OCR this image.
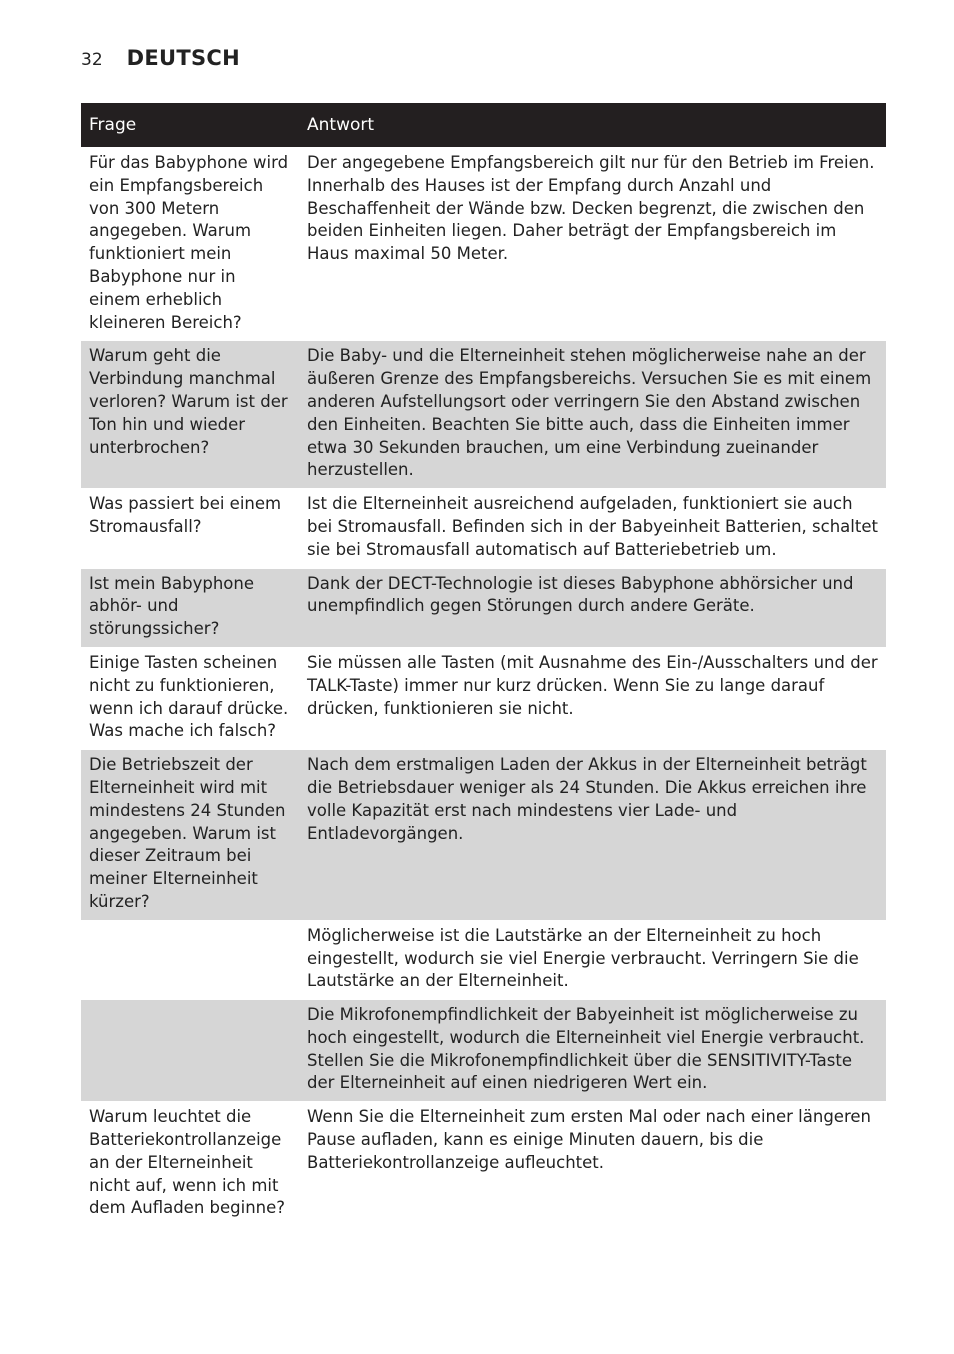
32 DEUTSCH
Frage	Antwort
Für das Babyphone wird ein Empfangsbereich von 300 Metern angegeben. Warum funktioniert mein Babyphone nur in einem erheblich kleineren Bereich?	Der angegebene Empfangsbereich gilt nur für den Betrieb im Freien. Innerhalb des Hauses ist der Empfang durch Anzahl und Beschaffenheit der Wände bzw. Decken begrenzt, die zwischen den beiden Einheiten liegen. Daher beträgt der Empfangsbereich im Haus maximal 50 Meter.
Warum geht die Verbindung manchmal verloren? Warum ist der Ton hin und wieder unterbrochen?	Die Baby- und die Elterneinheit stehen möglicherweise nahe an der äußeren Grenze des Empfangsbereichs. Versuchen Sie es mit einem anderen Aufstellungsort oder verringern Sie den Abstand zwischen den Einheiten. Beachten Sie bitte auch, dass die Einheiten immer etwa 30 Sekunden brauchen, um eine Verbindung zueinander herzustellen.
Was passiert bei einem Stromausfall?	Ist die Elterneinheit ausreichend aufgeladen, funktioniert sie auch bei Stromausfall. Befinden sich in der Babyeinheit Batterien, schaltet sie bei Stromausfall automatisch auf Batteriebetrieb um.
Ist mein Babyphone abhör- und störungssicher?	Dank der DECT-Technologie ist dieses Babyphone abhörsicher und unempfindlich gegen Störungen durch andere Geräte.
Einige Tasten scheinen nicht zu funktionieren, wenn ich darauf drücke. Was mache ich falsch?	Sie müssen alle Tasten (mit Ausnahme des Ein-/Ausschalters und der TALK-Taste) immer nur kurz drücken. Wenn Sie zu lange darauf drücken, funktionieren sie nicht.
Die Betriebszeit der Elterneinheit wird mit mindestens 24 Stunden angegeben. Warum ist dieser Zeitraum bei meiner Elterneinheit kürzer?	Nach dem erstmaligen Laden der Akkus in der Elterneinheit beträgt die Betriebsdauer weniger als 24 Stunden. Die Akkus erreichen ihre volle Kapazität erst nach mindestens vier Lade- und Entladevorgängen.
	Möglicherweise ist die Lautstärke an der Elterneinheit zu hoch eingestellt, wodurch sie viel Energie verbraucht. Verringern Sie die Lautstärke an der Elterneinheit.
	Die Mikrofonempfindlichkeit der Babyeinheit ist möglicherweise zu hoch eingestellt, wodurch die Elterneinheit viel Energie verbraucht. Stellen Sie die Mikrofonempfindlichkeit über die SENSITIVITY-Taste der Elterneinheit auf einen niedrigeren Wert ein.
Warum leuchtet die Batteriekontrollanzeige an der Elterneinheit nicht auf, wenn ich mit dem Aufladen beginne?	Wenn Sie die Elterneinheit zum ersten Mal oder nach einer längeren Pause aufladen, kann es einige Minuten dauern, bis die Batteriekontrollanzeige aufleuchtet.
